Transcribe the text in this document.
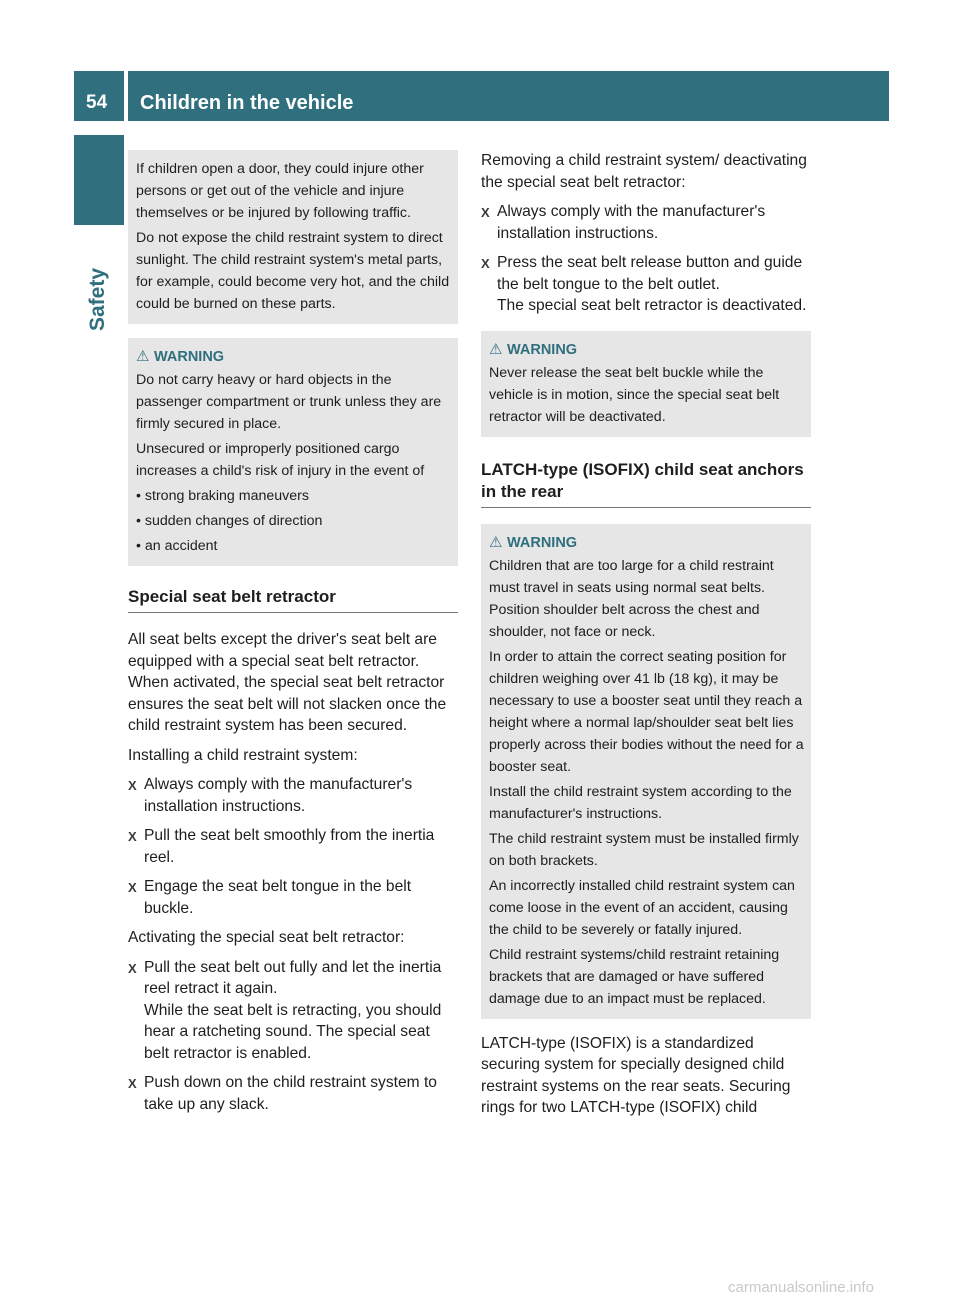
54	Children in the vehicle
Safety

If children open a door, they could injure other persons or get out of the vehicle and injure themselves or be injured by following traffic.

Do not expose the child restraint system to direct sunlight. The child restraint system's metal parts, for example, could become very hot, and the child could be burned on these parts.

⚠ WARNING

Do not carry heavy or hard objects in the passenger compartment or trunk unless they are firmly secured in place.

Unsecured or improperly positioned cargo increases a child's risk of injury in the event of

• strong braking maneuvers
• sudden changes of direction
• an accident
Special seat belt retractor

All seat belts except the driver's seat belt are equipped with a special seat belt retractor. When activated, the special seat belt retractor ensures the seat belt will not slacken once the child restraint system has been secured.

Installing a child restraint system:

X Always comply with the manufacturer's installation instructions.
X Pull the seat belt smoothly from the inertia reel.
X Engage the seat belt tongue in the belt buckle.

Activating the special seat belt retractor:

X Pull the seat belt out fully and let the inertia reel retract it again.
While the seat belt is retracting, you should hear a ratcheting sound. The special seat belt retractor is enabled.
X Push down on the child restraint system to take up any slack.

Removing a child restraint system/ deactivating the special seat belt retractor:

X Always comply with the manufacturer's installation instructions.
X Press the seat belt release button and guide the belt tongue to the belt outlet.
The special seat belt retractor is deactivated.
⚠ WARNING

Never release the seat belt buckle while the vehicle is in motion, since the special seat belt retractor will be deactivated.

LATCH-type (ISOFIX) child seat anchors in the rear
⚠ WARNING

Children that are too large for a child restraint must travel in seats using normal seat belts. Position shoulder belt across the chest and shoulder, not face or neck.

In order to attain the correct seating position for children weighing over 41 lb (18 kg), it may be necessary to use a booster seat until they reach a height where a normal lap/shoulder seat belt lies properly across their bodies without the need for a booster seat.

Install the child restraint system according to the manufacturer's instructions.

The child restraint system must be installed firmly on both brackets.

An incorrectly installed child restraint system can come loose in the event of an accident, causing the child to be severely or fatally injured.

Child restraint systems/child restraint retaining brackets that are damaged or have suffered damage due to an impact must be replaced.

LATCH-type (ISOFIX) is a standardized securing system for specially designed child restraint systems on the rear seats. Securing rings for two LATCH-type (ISOFIX) child

carmanualsonline.info
